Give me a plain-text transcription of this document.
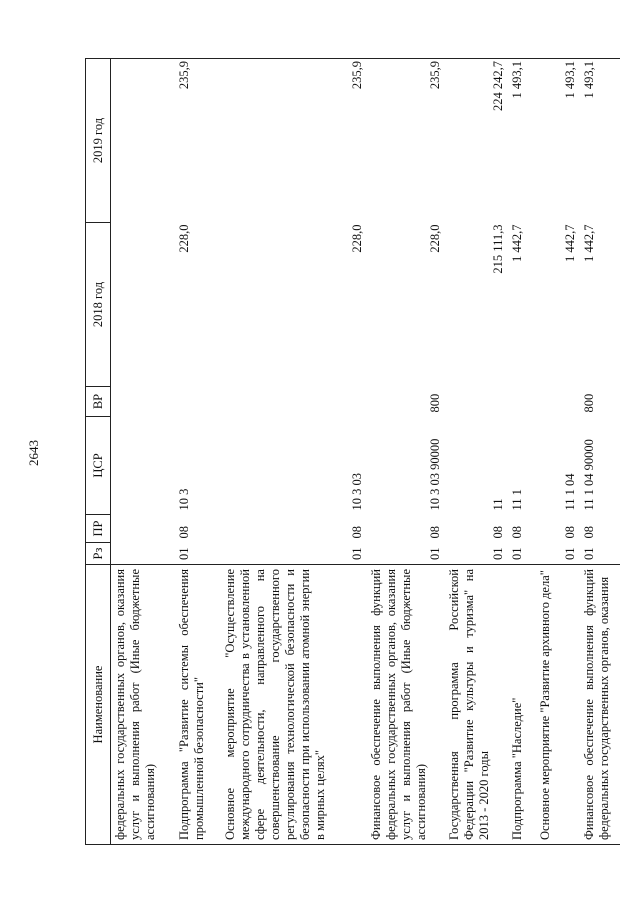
2643
Наименование	Рз	ПР	ЦСР	ВР	2018 год	2019 год
федеральных государственных органов, оказания услуг и выполнения работ (Иные бюджетные ассигнования)						
Подпрограмма "Развитие системы обеспечения промышленной безопасности"	01	08	10 3		228,0	235,9
Основное мероприятие "Осуществление международного сотрудничества в установленной сфере деятельности, направленного на совершенствование государственного регулирования технологической безопасности и безопасности при использовании атомной энергии в мирных целях"	01	08	10 3 03		228,0	235,9
Финансовое обеспечение выполнения функций федеральных государственных органов, оказания услуг и выполнения работ (Иные бюджетные ассигнования)	01	08	10 3 03 90000	800	228,0	235,9
Государственная программа Российской Федерации "Развитие культуры и туризма" на 2013 - 2020 годы	01	08	11		215 111,3	224 242,7
Подпрограмма "Наследие"	01	08	11 1		1 442,7	1 493,1
Основное мероприятие "Развитие архивного дела"	01	08	11 1 04		1 442,7	1 493,1
Финансовое обеспечение выполнения функций федеральных государственных органов, оказания	01	08	11 1 04 90000	800	1 442,7	1 493,1
